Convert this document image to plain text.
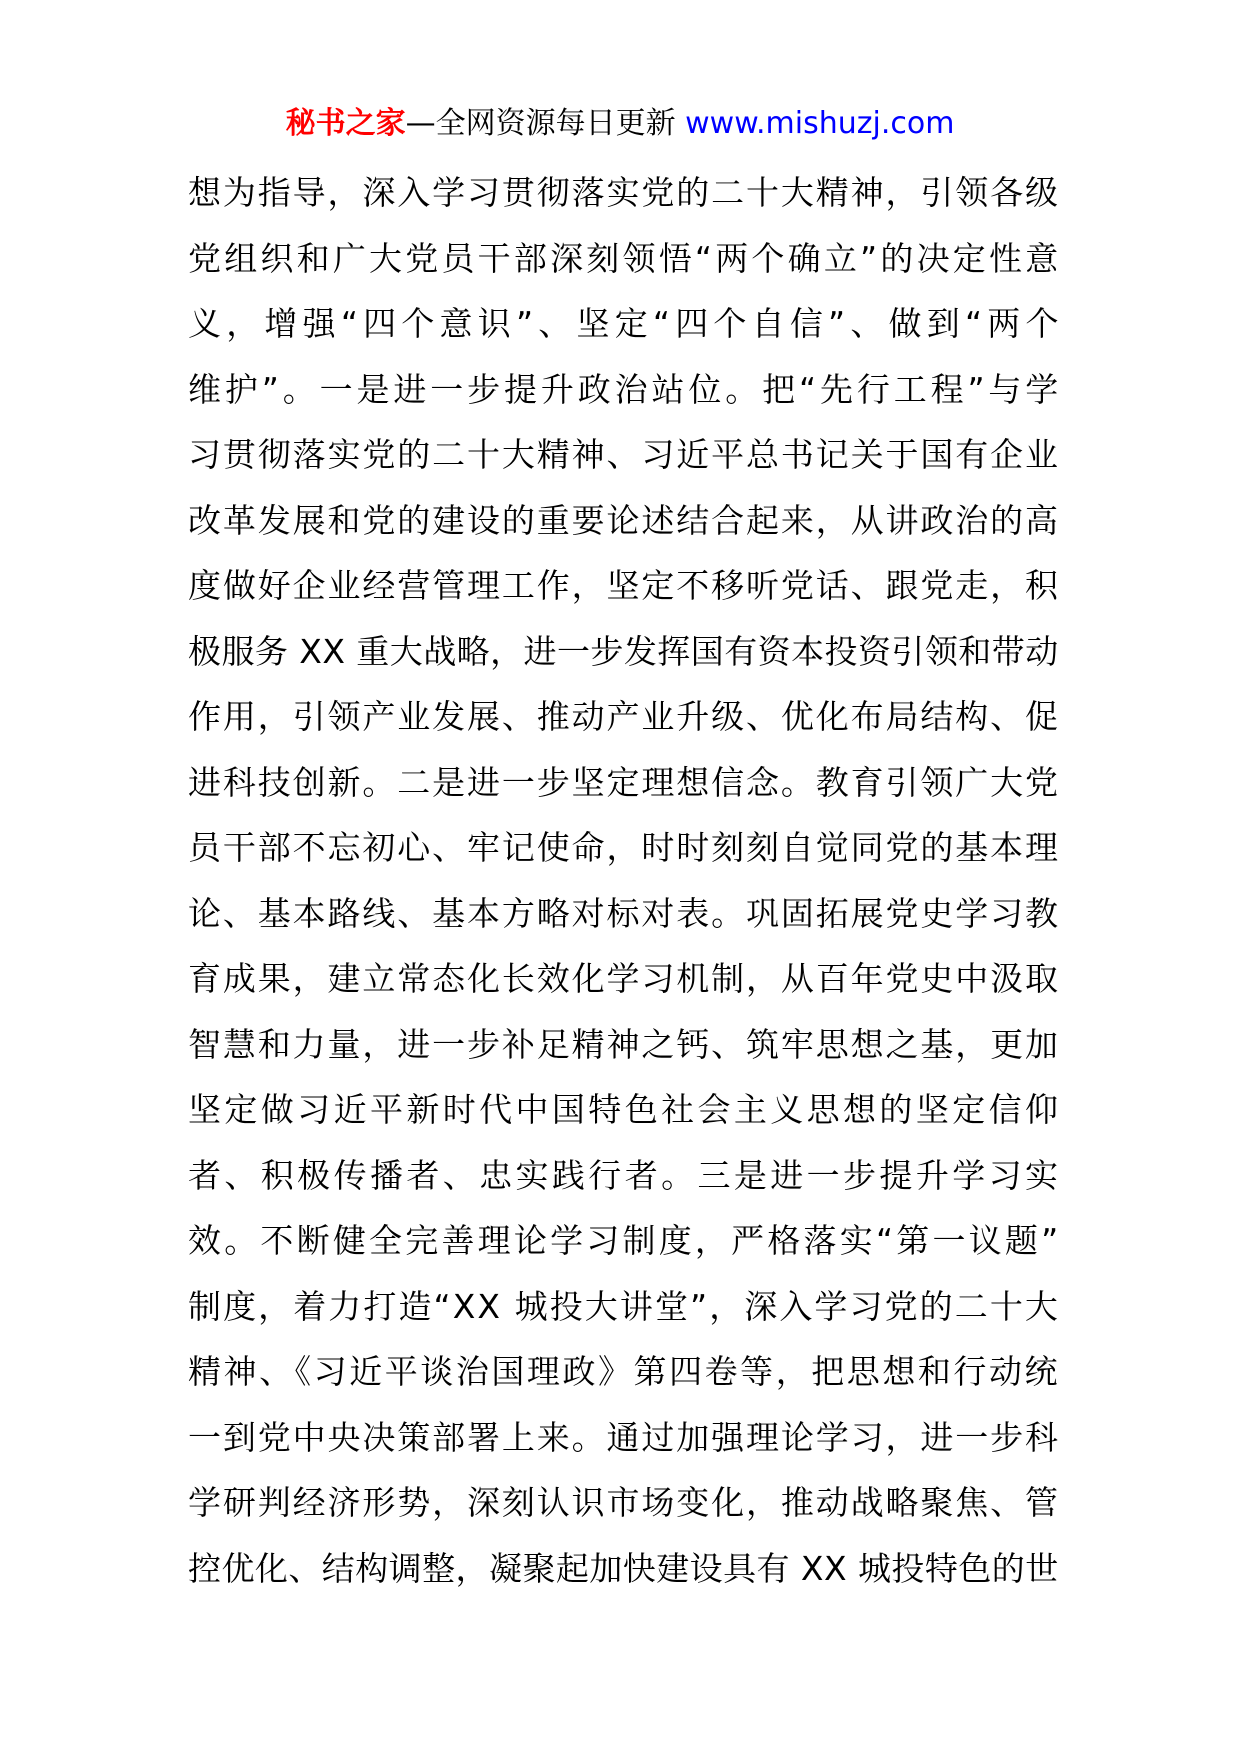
秘书之家—全网资源每日更新 www.mishuzj.com
想为指导，深入学习贯彻落实党的二十大精神，引领各级
党组织和广大党员干部深刻领悟“两个确立”的决定性意
义，增强“四个意识”、坚定“四个自信”、做到“两个
维护”。一是进一步提升政治站位。把“先行工程”与学
习贯彻落实党的二十大精神、习近平总书记关于国有企业
改革发展和党的建设的重要论述结合起来，从讲政治的高
度做好企业经营管理工作，坚定不移听党话、跟党走，积
极服务 XX 重大战略，进一步发挥国有资本投资引领和带动
作用，引领产业发展、推动产业升级、优化布局结构、促
进科技创新。二是进一步坚定理想信念。教育引领广大党
员干部不忘初心、牢记使命，时时刻刻自觉同党的基本理
论、基本路线、基本方略对标对表。巩固拓展党史学习教
育成果，建立常态化长效化学习机制，从百年党史中汲取
智慧和力量，进一步补足精神之钙、筑牢思想之基，更加
坚定做习近平新时代中国特色社会主义思想的坚定信仰
者、积极传播者、忠实践行者。三是进一步提升学习实
效。不断健全完善理论学习制度，严格落实“第一议题”
制度，着力打造“XX 城投大讲堂”，深入学习党的二十大
精神、《习近平谈治国理政》第四卷等，把思想和行动统
一到党中央决策部署上来。通过加强理论学习，进一步科
学研判经济形势，深刻认识市场变化，推动战略聚焦、管
控优化、结构调整，凝聚起加快建设具有 XX 城投特色的世
